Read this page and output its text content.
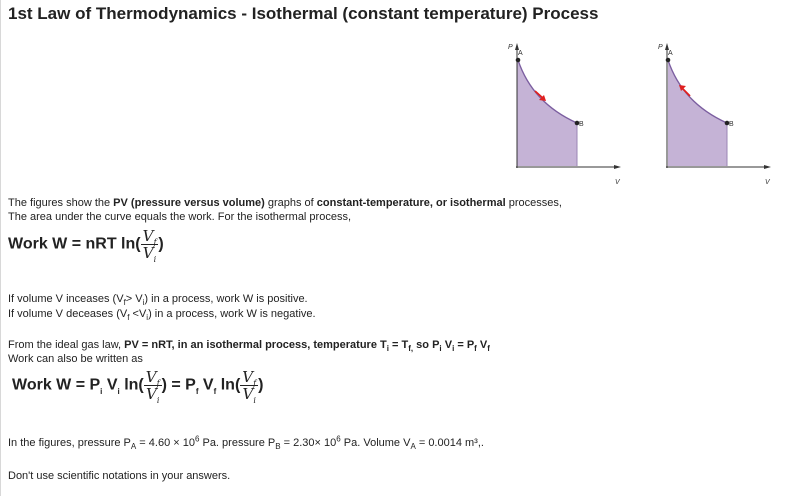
1st Law of Thermodynamics - Isothermal (constant temperature) Process
P
A
B
V
P
A
B
V
The figures show the PV (pressure versus volume) graphs of constant-temperature, or isothermal processes,
The area under the curve equals the work. For the isothermal process,
Work W = nRT $\ln( \frac{V_f}{V_i}$ )
If volume V inceases $(V_f> V_i)$ in a process, work W is positive.
If volume V deceases $(V_f <V_i)$ in a process, work W is negative.
From the ideal gas law, PV = nRT, in an isothermal process, temperature $T_i = T_{f,}$ so $P_i$ $V_i = P_f$ $V_f$
Work can also be written as
Work $W = P_i$ $V_i$ $\ln( \frac{V_f}{V_i}$ ) = $P_f$ $V_f$ $\ln( \frac{V_f}{V_i}$ )
In the figures, pressure $P_A = 4.60 \times 10^6$ Pa. pressure $P_B = 2.30\times 10^6$ Pa. Volume $V_A = 0.0014$ m³,.
Don't use scientific notations in your answers.
